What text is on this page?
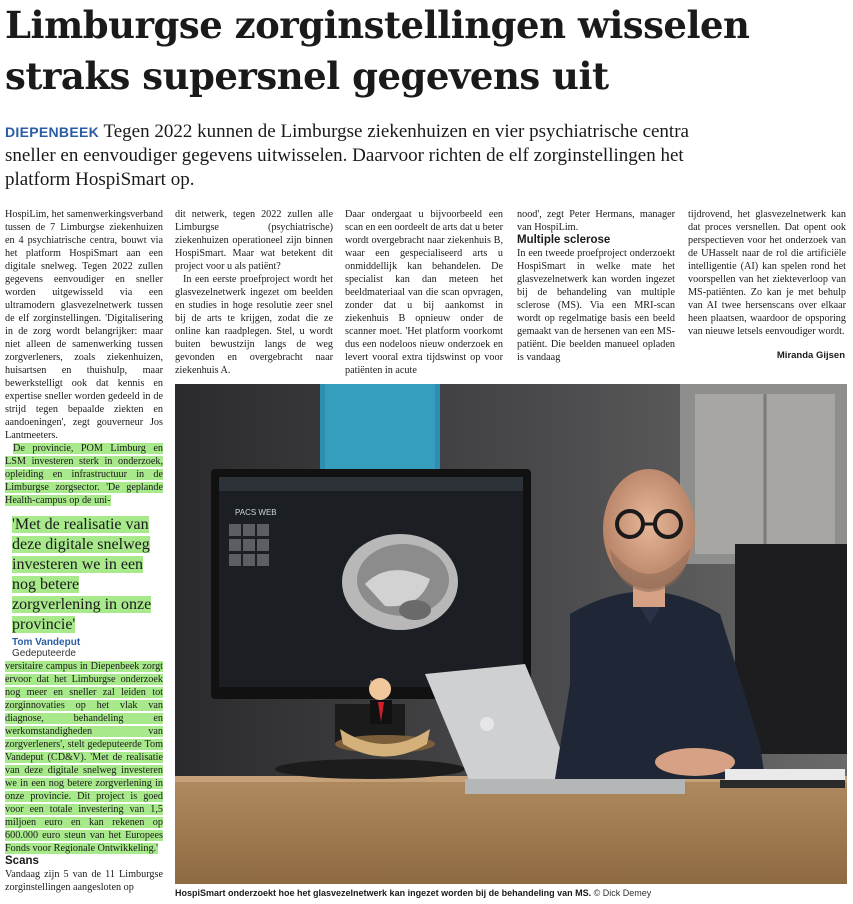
Limburgse zorginstellingen wisselen straks supersnel gegevens uit

DIEPENBEEK Tegen 2022 kunnen de Limburgse ziekenhuizen en vier psychiatrische centra sneller en eenvoudiger gegevens uitwisselen. Daarvoor richten de elf zorginstellingen het platform HospiSmart op.

HospiLim, het samenwerkingsverband tussen de 7 Limburgse ziekenhuizen en 4 psychiatrische centra, bouwt via het platform HospiSmart aan een digitale snelweg. Tegen 2022 zullen gegevens eenvoudiger en sneller worden uitgewisseld via een ultramodern glasvezelnetwerk tussen de elf zorginstellingen. 'Digitalisering in de zorg wordt belangrijker: maar niet alleen de samenwerking tussen zorgverleners, zoals ziekenhuizen, huisartsen en thuishulp, maar bewerkstelligt ook dat kennis en expertise sneller worden gedeeld in de strijd tegen bepaalde ziekten en aandoeningen', zegt gouverneur Jos Lantmeeters.

De provincie, POM Limburg en LSM investeren sterk in onderzoek, opleiding en infrastructuur in de Limburgse zorgsector. 'De geplande Health-campus op de uni-

'Met de realisatie van deze digitale snelweg investeren we in een nog betere zorgverlening in onze provincie'
Tom Vandeput
Gedeputeerde

versitaire campus in Diepenbeek zorgt ervoor dat het Limburgse onderzoek nog meer en sneller zal leiden tot zorginnovaties op het vlak van diagnose, behandeling en werkomstandigheden van zorgverleners', stelt gedeputeerde Tom Vandeput (CD&V). 'Met de realisatie van deze digitale snelweg investeren we in een nog betere zorgverlening in onze provincie. Dit project is goed voor een totale investering van 1,5 miljoen euro en kan rekenen op 600.000 euro steun van het Europees Fonds voor Regionale Ontwikkeling.'

Scans

Vandaag zijn 5 van de 11 Limburgse zorginstellingen aangesloten op

dit netwerk, tegen 2022 zullen alle Limburgse (psychiatrische) ziekenhuizen operationeel zijn binnen HospiSmart. Maar wat betekent dit project voor u als patiënt?

In een eerste proefproject wordt het glasvezelnetwerk ingezet om beelden en studies in hoge resolutie zeer snel bij de arts te krijgen, zodat die ze online kan raadplegen. Stel, u wordt buiten bewustzijn langs de weg gevonden en overgebracht naar ziekenhuis A.

Daar ondergaat u bijvoorbeeld een scan en een oordeelt de arts dat u beter wordt overgebracht naar ziekenhuis B, waar een gespecialiseerd arts u onmiddellijk kan behandelen. De specialist kan dan meteen het beeldmateriaal van die scan opvragen, zonder dat u bij aankomst in ziekenhuis B opnieuw onder de scanner moet. 'Het platform voorkomt dus een nodeloos nieuw onderzoek en levert vooral extra tijdswinst op voor patiënten in acute

nood', zegt Peter Hermans, manager van HospiLim.

Multiple sclerose

In een tweede proefproject onderzoekt HospiSmart in welke mate het glasvezelnetwerk kan worden ingezet bij de behandeling van multiple sclerose (MS). Via een MRI-scan wordt op regelmatige basis een beeld gemaakt van de hersenen van een MS-patiënt. Die beelden manueel opladen is vandaag

tijdrovend, het glasvezelnetwerk kan dat proces versnellen. Dat opent ook perspectieven voor het onderzoek van de UHasselt naar de rol die artificiële intelligentie (AI) kan spelen rond het voorspellen van het ziekteverloop van MS-patiënten. Zo kan je met behulp van AI twee hersenscans over elkaar heen plaatsen, waardoor de opsporing van nieuwe letsels eenvoudiger wordt.

Miranda Gijsen
PACS WEB
HospiSmart onderzoekt hoe het glasvezelnetwerk kan ingezet worden bij de behandeling van MS. © Dick Demey
